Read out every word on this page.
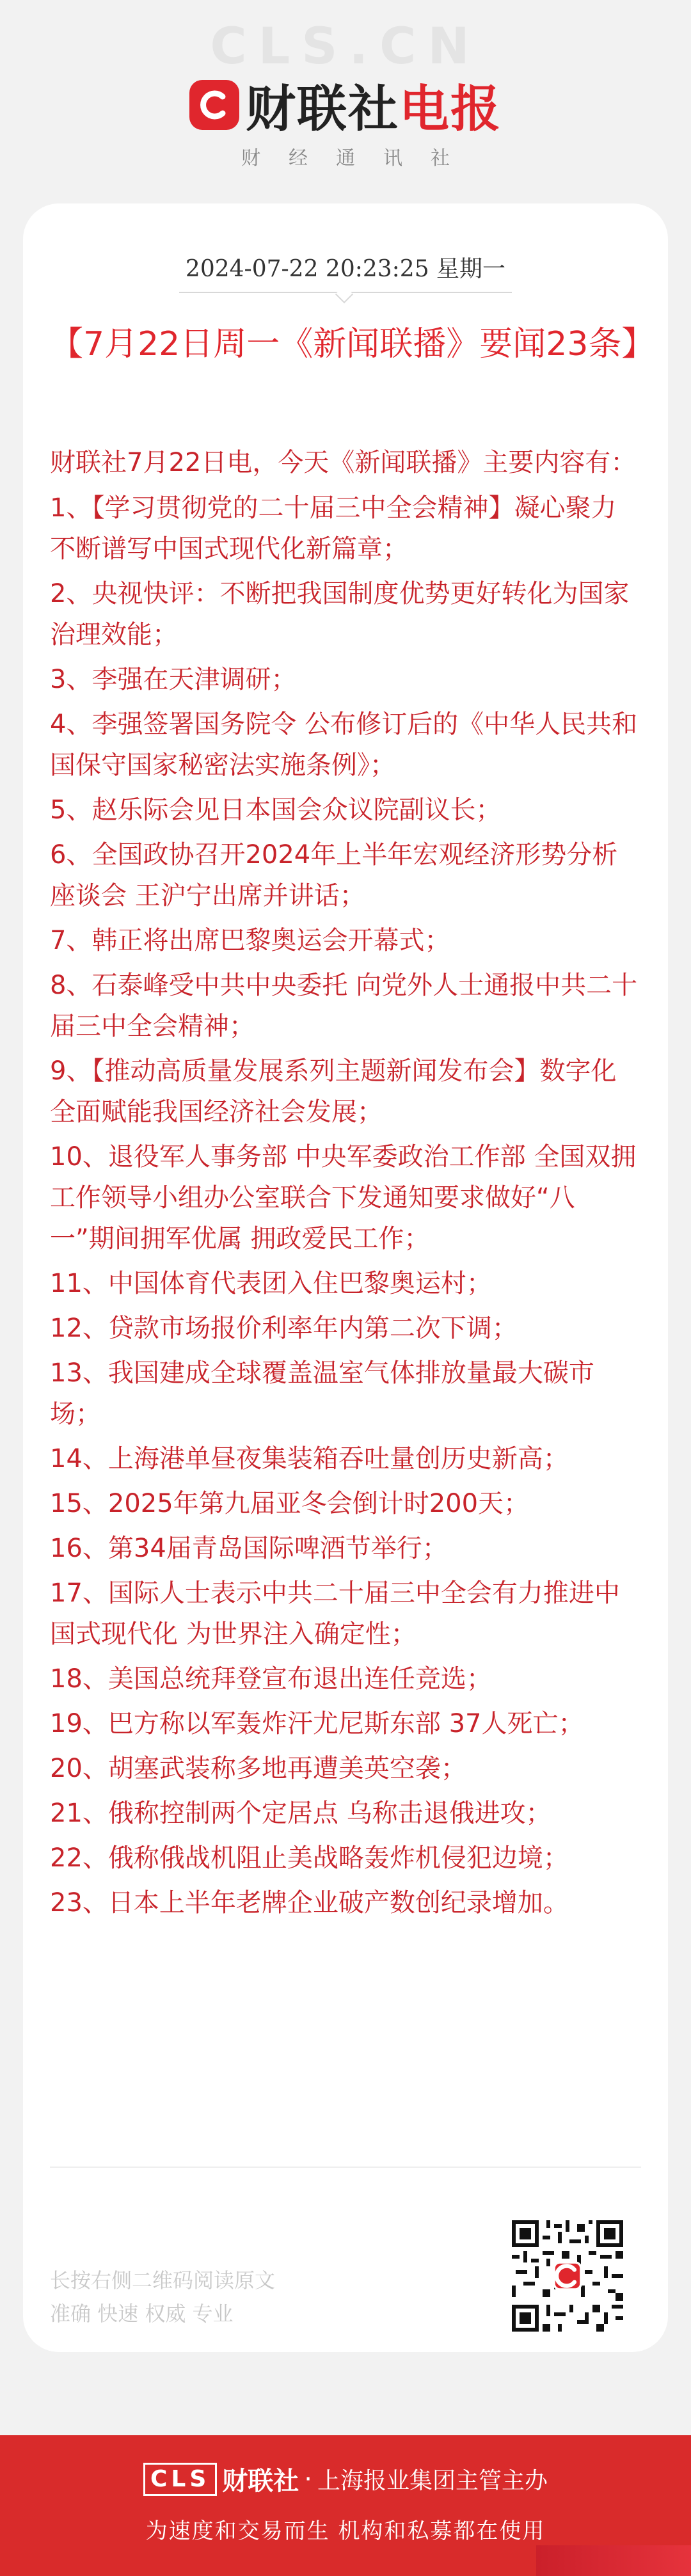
CLS.CN
财联社电报
财经通讯社
2024-07-22 20:23:25 星期一
【7月22日周一《新闻联播》要闻23条】

财联社7月22日电，今天《新闻联播》主要内容有：

1、【学习贯彻党的二十届三中全会精神】凝心聚力 不断谱写中国式现代化新篇章；

2、央视快评：不断把我国制度优势更好转化为国家治理效能；

3、李强在天津调研；

4、李强签署国务院令 公布修订后的《中华人民共和国保守国家秘密法实施条例》；

5、赵乐际会见日本国会众议院副议长；

6、全国政协召开2024年上半年宏观经济形势分析座谈会 王沪宁出席并讲话；

7、韩正将出席巴黎奥运会开幕式；

8、石泰峰受中共中央委托 向党外人士通报中共二十届三中全会精神；

9、【推动高质量发展系列主题新闻发布会】数字化全面赋能我国经济社会发展；

10、退役军人事务部 中央军委政治工作部 全国双拥工作领导小组办公室联合下发通知要求做好“八一”期间拥军优属 拥政爱民工作；

11、中国体育代表团入住巴黎奥运村；

12、贷款市场报价利率年内第二次下调；

13、我国建成全球覆盖温室气体排放量最大碳市场；

14、上海港单昼夜集装箱吞吐量创历史新高；

15、2025年第九届亚冬会倒计时200天；

16、第34届青岛国际啤酒节举行；

17、国际人士表示中共二十届三中全会有力推进中国式现代化 为世界注入确定性；

18、美国总统拜登宣布退出连任竞选；

19、巴方称以军轰炸汗尤尼斯东部 37人死亡；

20、胡塞武装称多地再遭美英空袭；

21、俄称控制两个定居点 乌称击退俄进攻；

22、俄称俄战机阻止美战略轰炸机侵犯边境；

23、日本上半年老牌企业破产数创纪录增加。

长按右侧二维码阅读原文
准确 快速 权威 专业
CLS 财联社 · 上海报业集团主管主办
为速度和交易而生 机构和私募都在使用
